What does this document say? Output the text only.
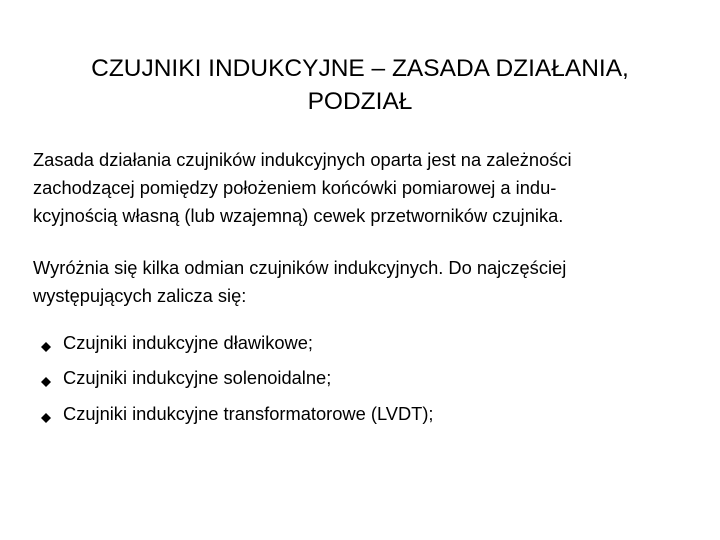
CZUJNIKI INDUKCYJNE – ZASADA DZIAŁANIA,
PODZIAŁ

Zasada działania czujników indukcyjnych oparta jest na zależności
zachodzącej pomiędzy położeniem końcówki pomiarowej a indu-
kcyjnością własną (lub wzajemną) cewek przetworników czujnika.

Wyróżnia się kilka odmian czujników indukcyjnych. Do najczęściej
występujących zalicza się:

Czujniki indukcyjne dławikowe;
Czujniki indukcyjne solenoidalne;
Czujniki indukcyjne transformatorowe (LVDT);
